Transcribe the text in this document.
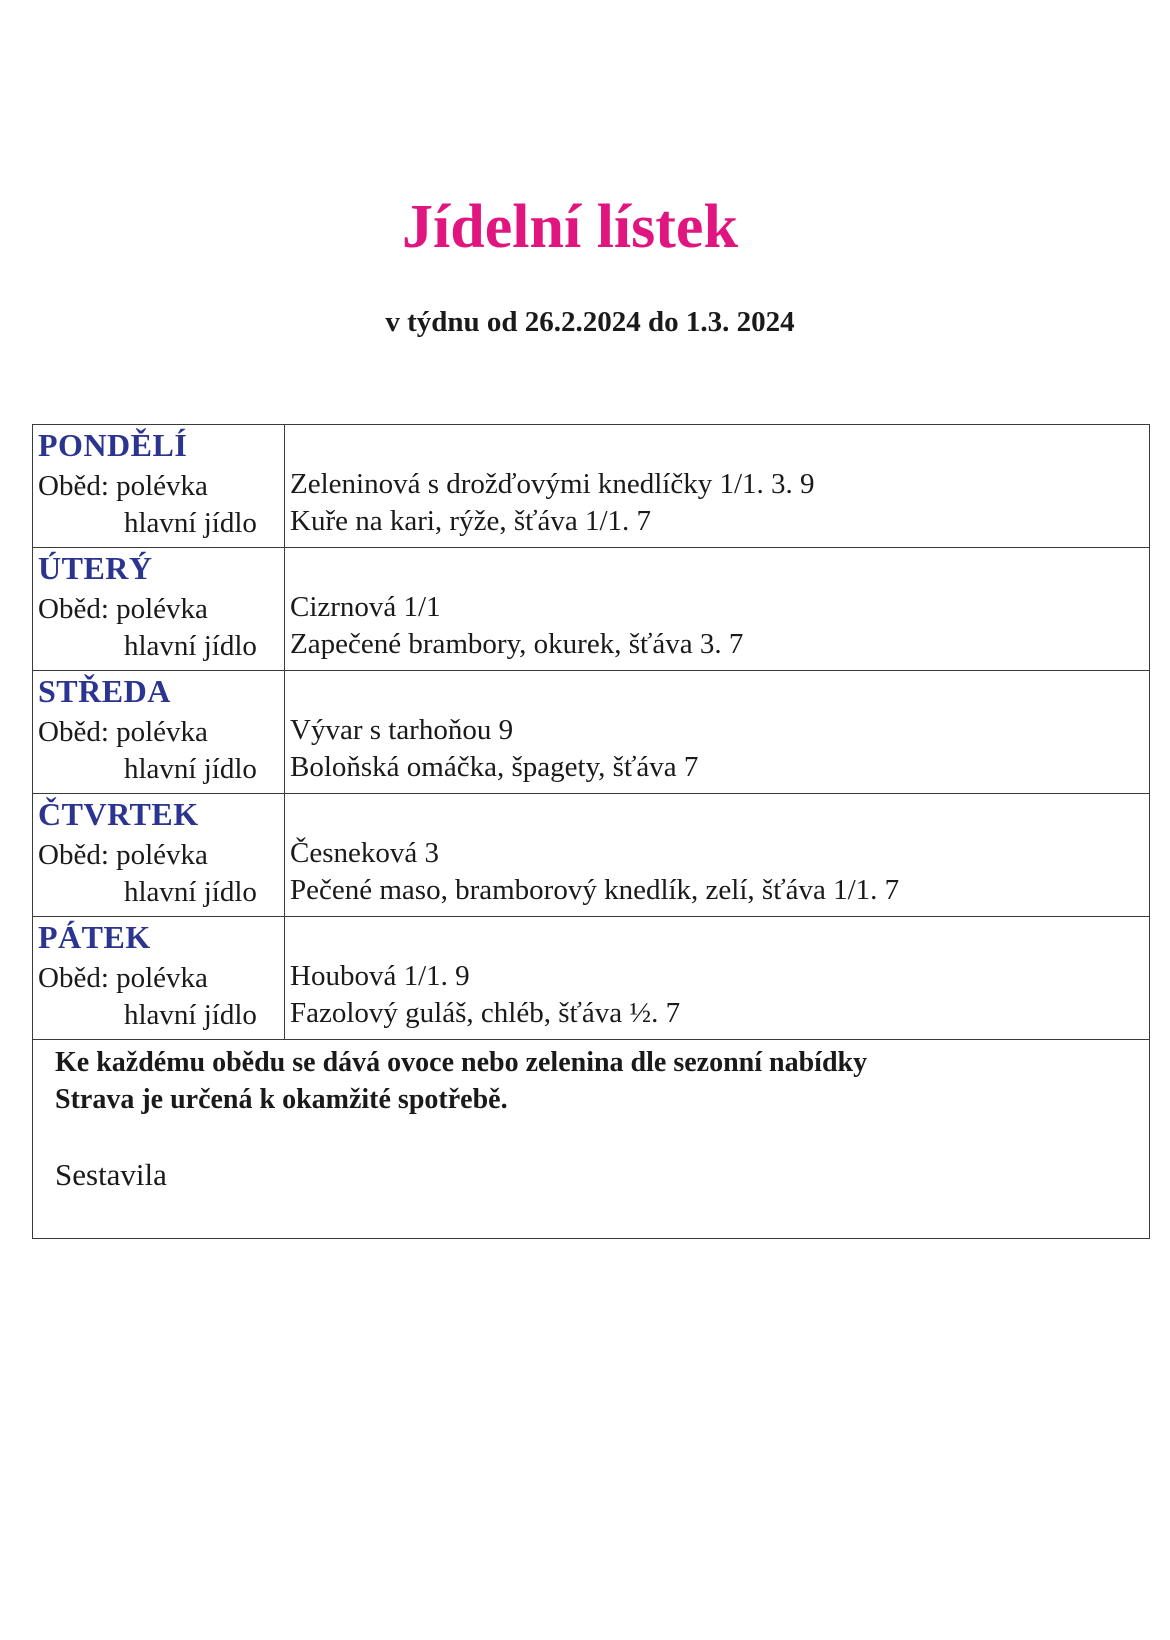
Jídelní lístek
v týdnu od 26.2.2024 do 1.3. 2024
PONDĚLÍ
Oběd: polévka
hlavní jídlo
Zeleninová s drožďovými knedlíčky 1/1. 3. 9
Kuře na kari, rýže, šťáva 1/1. 7
ÚTERÝ
Oběd: polévka
hlavní jídlo
Cizrnová 1/1
Zapečené brambory, okurek, šťáva 3. 7
STŘEDA
Oběd: polévka
hlavní jídlo
Vývar s tarhoňou 9
Boloňská omáčka, špagety, šťáva 7
ČTVRTEK
Oběd: polévka
hlavní jídlo
Česneková 3
Pečené maso, bramborový knedlík, zelí, šťáva 1/1. 7
PÁTEK
Oběd: polévka
hlavní jídlo
Houbová 1/1. 9
Fazolový guláš, chléb, šťáva ½. 7
Ke každému obědu se dává ovoce nebo zelenina dle sezonní nabídky
Strava je určená k okamžité spotřebě.
Sestavila
